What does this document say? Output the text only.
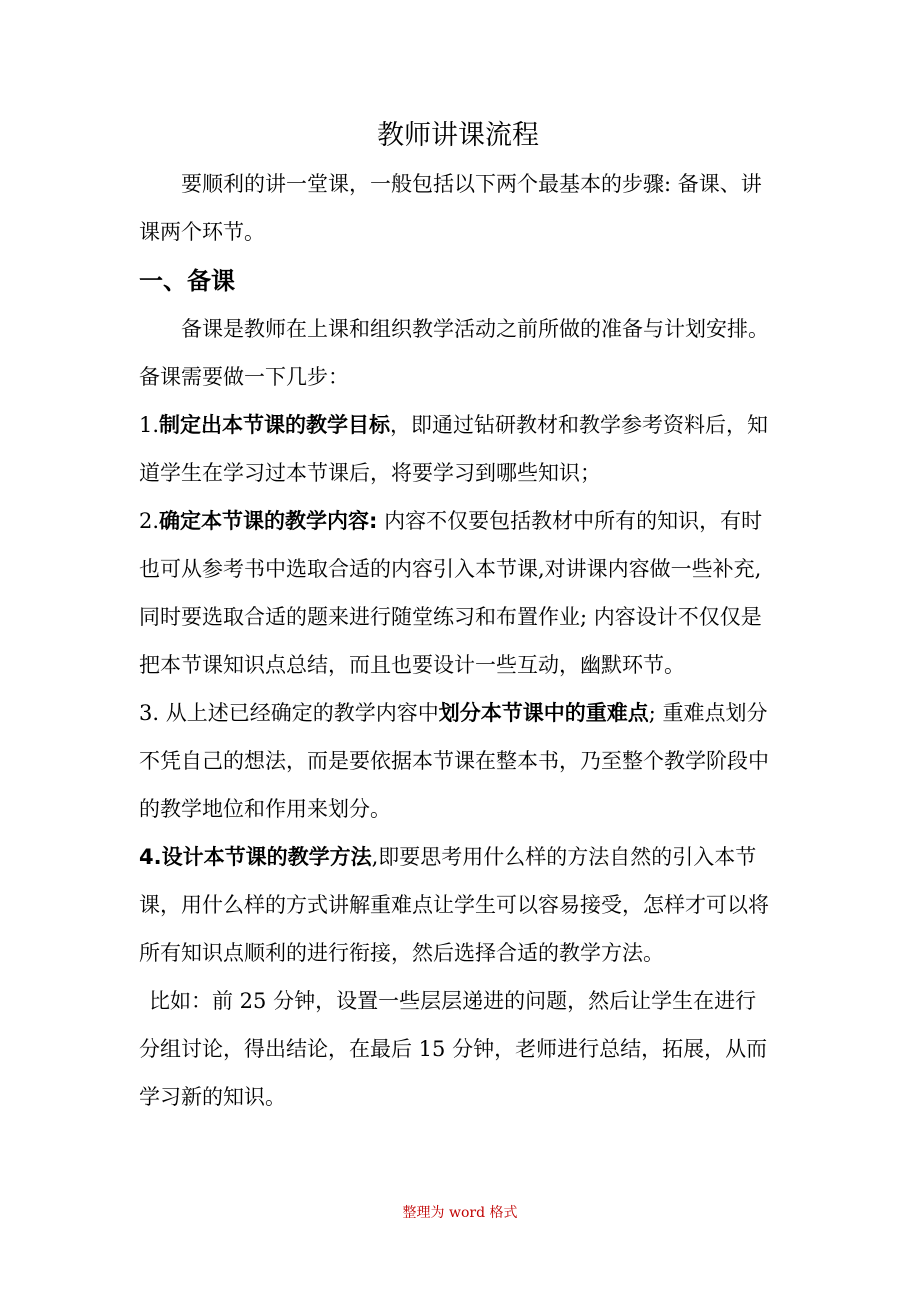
教师讲课流程
要顺利的讲一堂课，一般包括以下两个最基本的步骤: 备课、讲
课两个环节。
一、备课
备课是教师在上课和组织教学活动之前所做的准备与计划安排。
备课需要做一下几步：
1.制定出本节课的教学目标，即通过钻研教材和教学参考资料后，知
道学生在学习过本节课后，将要学习到哪些知识；
2.确定本节课的教学内容: 内容不仅要包括教材中所有的知识，有时
也可从参考书中选取合适的内容引入本节课,对讲课内容做一些补充,
同时要选取合适的题来进行随堂练习和布置作业; 内容设计不仅仅是
把本节课知识点总结，而且也要设计一些互动，幽默环节。
3. 从上述已经确定的教学内容中划分本节课中的重难点; 重难点划分
不凭自己的想法，而是要依据本节课在整本书，乃至整个教学阶段中
的教学地位和作用来划分。
4.设计本节课的教学方法,即要思考用什么样的方法自然的引入本节
课，用什么样的方式讲解重难点让学生可以容易接受，怎样才可以将
所有知识点顺利的进行衔接，然后选择合适的教学方法。
比如：前 25 分钟，设置一些层层递进的问题，然后让学生在进行
分组讨论，得出结论，在最后 15 分钟，老师进行总结，拓展，从而
学习新的知识。
整理为 word 格式
